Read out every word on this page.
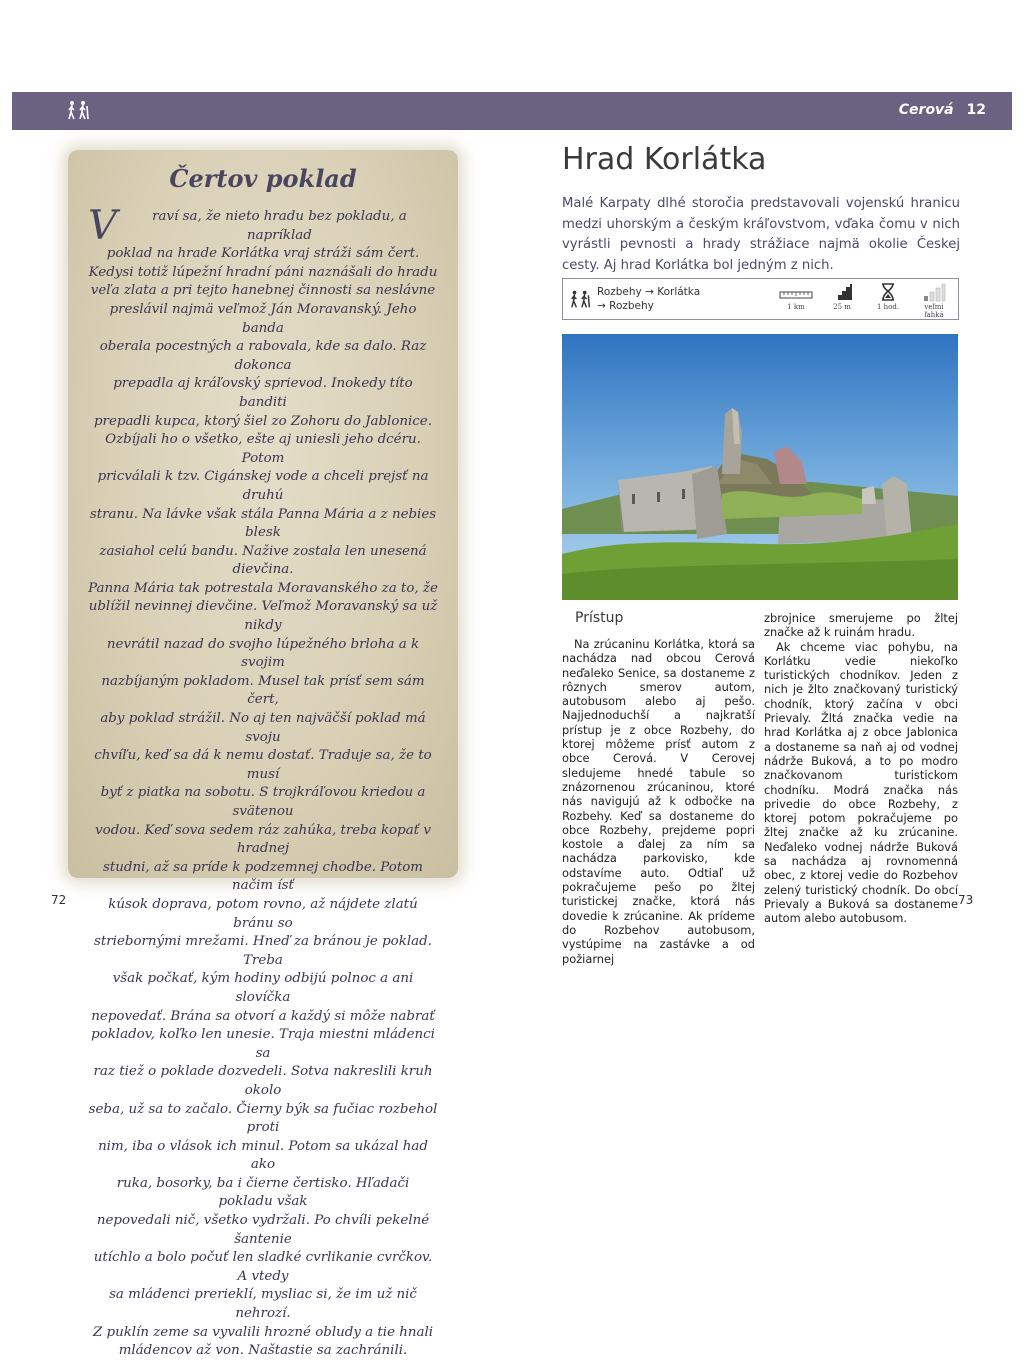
Cerová 12
Čertov poklad
V	raví sa, že nieto hradu bez pokladu, a napríklad
poklad na hrade Korlátka vraj stráži sám čert.
Kedysi totiž lúpežní hradní páni naznášali do hradu
veľa zlata a pri tejto hanebnej činnosti sa neslávne
preslávil najmä veľmož Ján Moravanský. Jeho banda
oberala pocestných a rabovala, kde sa dalo. Raz dokonca
prepadla aj kráľovský sprievod. Inokedy títo banditi
prepadli kupca, ktorý šiel zo Zohoru do Jablonice.
Ozbíjali ho o všetko, ešte aj uniesli jeho dcéru. Potom
pricválali k tzv. Cigánskej vode a chceli prejsť na druhú
stranu. Na lávke však stála Panna Mária a z nebies blesk
zasiahol celú bandu. Nažive zostala len unesená dievčina.
Panna Mária tak potrestala Moravanského za to, že
ublížil nevinnej dievčine. Veľmož Moravanský sa už nikdy
nevrátil nazad do svojho lúpežného brloha a k svojim
nazbíjaným pokladom. Musel tak prísť sem sám čert,
aby poklad strážil. No aj ten najväčší poklad má svoju
chvíľu, keď sa dá k nemu dostať. Traduje sa, že to musí
byť z piatka na sobotu. S trojkráľovou kriedou a svätenou
vodou. Keď sova sedem ráz zahúka, treba kopať v hradnej
studni, až sa príde k podzemnej chodbe. Potom načim ísť
kúsok doprava, potom rovno, až nájdete zlatú bránu so
striebornými mrežami. Hneď za bránou je poklad. Treba
však počkať, kým hodiny odbijú polnoc a ani slovíčka
nepovedať. Brána sa otvorí a každý si môže nabrať
pokladov, koľko len unesie. Traja miestni mládenci sa
raz tiež o poklade dozvedeli. Sotva nakreslili kruh okolo
seba, už sa to začalo. Čierny býk sa fučiac rozbehol proti
nim, iba o vlások ich minul. Potom sa ukázal had ako
ruka, bosorky, ba i čierne čertisko. Hľadači pokladu však
nepovedali nič, všetko vydržali. Po chvíli pekelné šantenie
utíchlo a bolo počuť len sladké cvrlikanie cvrčkov. A vtedy
sa mládenci prerieklí, mysliac si, že im už nič nehrozí.
Z puklín zeme sa vyvalili hrozné obludy a tie hnali
mládencov až von. Naštastie sa zachránili.
72
Hrad Korlátka
Malé Karpaty dlhé storočia predstavovali vojenskú hranicu medzi uhorským a českým kráľovstvom, vďaka čomu v nich vyrástli pevnosti a hrady strážiace najmä okolie Českej cesty. Aj hrad Korlátka bol jedným z nich.
Rozbehy → Korlátka
→ Rozbehy	1 km	25 m	1 hod.	veľmi ľahká
Prístup

Na zrúcaninu Korlátka, ktorá sa nachádza nad obcou Cerová neďaleko Senice, sa dostaneme z rôznych smerov autom, autobusom alebo aj pešo. Najjednoduchší a najkratší prístup je z obce Rozbehy, do ktorej môžeme prísť autom z obce Cerová. V Cerovej sledujeme hnedé tabule so znázornenou zrúcaninou, ktoré nás navigujú až k odbočke na Rozbehy. Keď sa dostaneme do obce Rozbehy, prejdeme popri kostole a ďalej za ním sa nachádza parkovisko, kde odstavíme auto. Odtiaľ už pokračujeme pešo po žltej turistickej značke, ktorá nás dovedie k zrúcanine. Ak prídeme do Rozbehov autobusom, vystúpime na zastávke a od požiarnej

zbrojnice smerujeme po žltej značke až k ruinám hradu.

Ak chceme viac pohybu, na Korlátku vedie niekoľko turistických chodníkov. Jeden z nich je žlto značkovaný turistický chodník, ktorý začína v obci Prievaly. Žltá značka vedie na hrad Korlátka aj z obce Jablonica a dostaneme sa naň aj od vodnej nádrže Buková, a to po modro značkovanom turistickom chodníku. Modrá značka nás privedie do obce Rozbehy, z ktorej potom pokračujeme po žltej značke až ku zrúcanine. Neďaleko vodnej nádrže Buková sa nachádza aj rovnomenná obec, z ktorej vedie do Rozbehov zelený turistický chodník. Do obcí Prievaly a Buková sa dostaneme autom alebo autobusom.

73
